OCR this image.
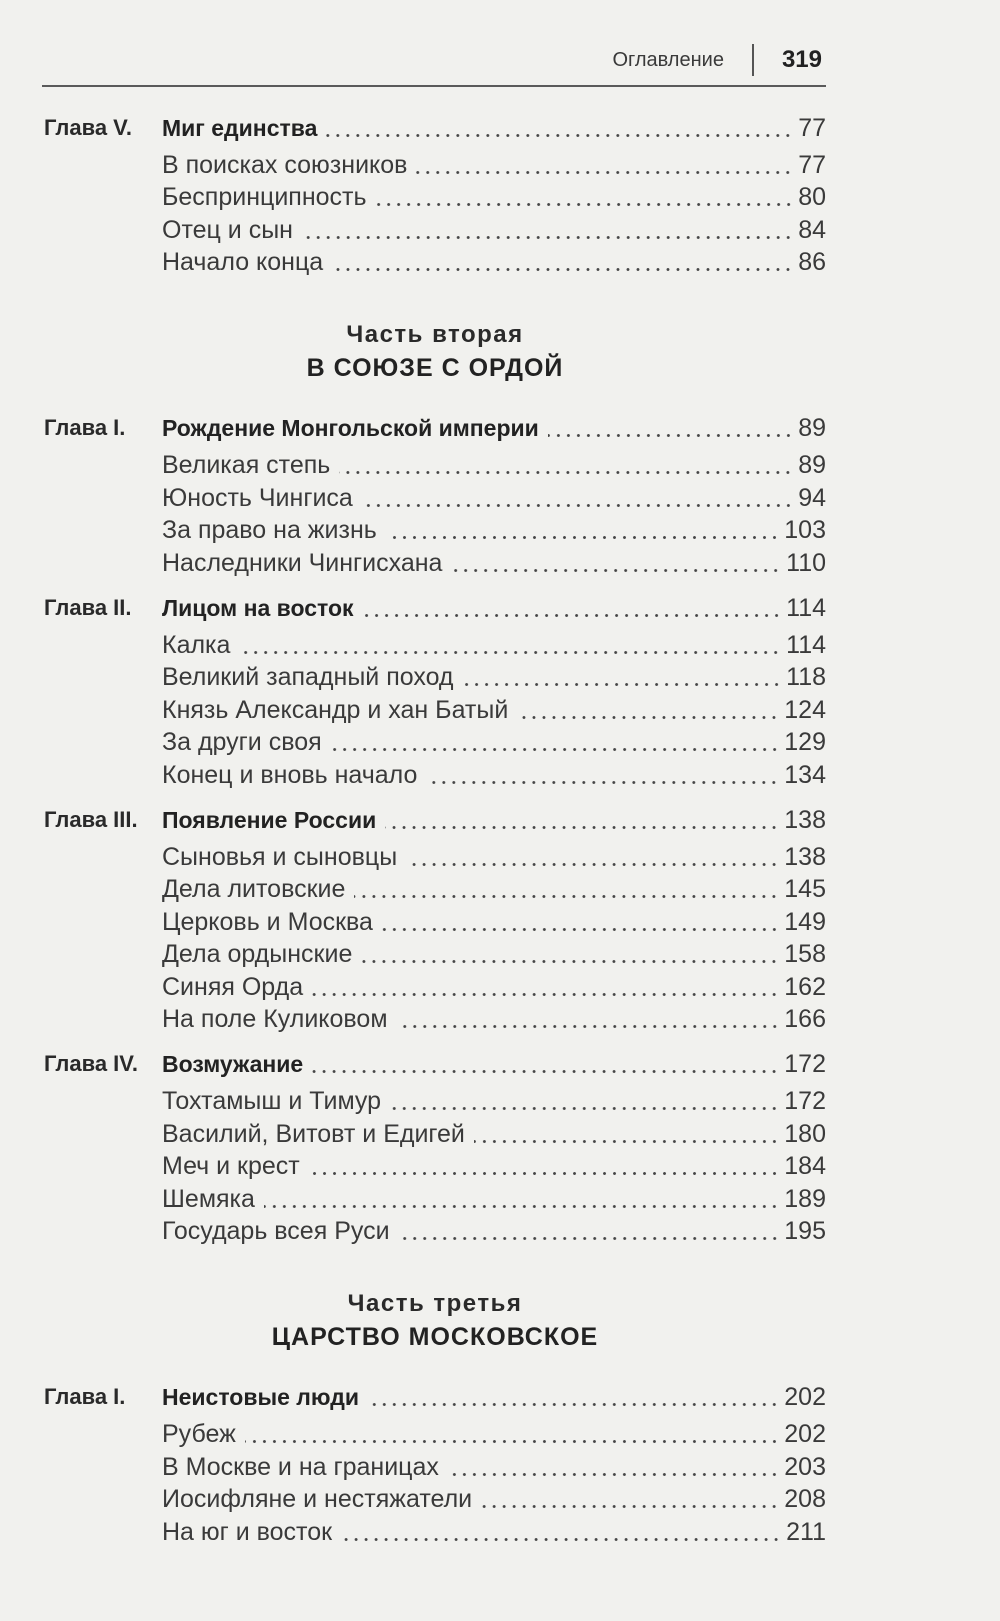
Оглавление 319
Глава V.	Миг единства	77
В поисках союзников	77
Беспринципность	80
Отец и сын	84
Начало конца	86
Часть вторая
В СОЮЗЕ С ОРДОЙ
Глава I.	Рождение Монгольской империи	89
Великая степь	89
Юность Чингиса	94
За право на жизнь	103
Наследники Чингисхана	110
Глава II.	Лицом на восток	114
Калка	114
Великий западный поход	118
Князь Александр и хан Батый	124
За други своя	129
Конец и вновь начало	134
Глава III.	Появление России	138
Сыновья и сыновцы	138
Дела литовские	145
Церковь и Москва	149
Дела ордынские	158
Синяя Орда	162
На поле Куликовом	166
Глава IV.	Возмужание	172
Тохтамыш и Тимур	172
Василий, Витовт и Едигей	180
Меч и крест	184
Шемяка	189
Государь всея Руси	195
Часть третья
ЦАРСТВО МОСКОВСКОЕ
Глава I.	Неистовые люди	202
Рубеж	202
В Москве и на границах	203
Иосифляне и нестяжатели	208
На юг и восток	211
